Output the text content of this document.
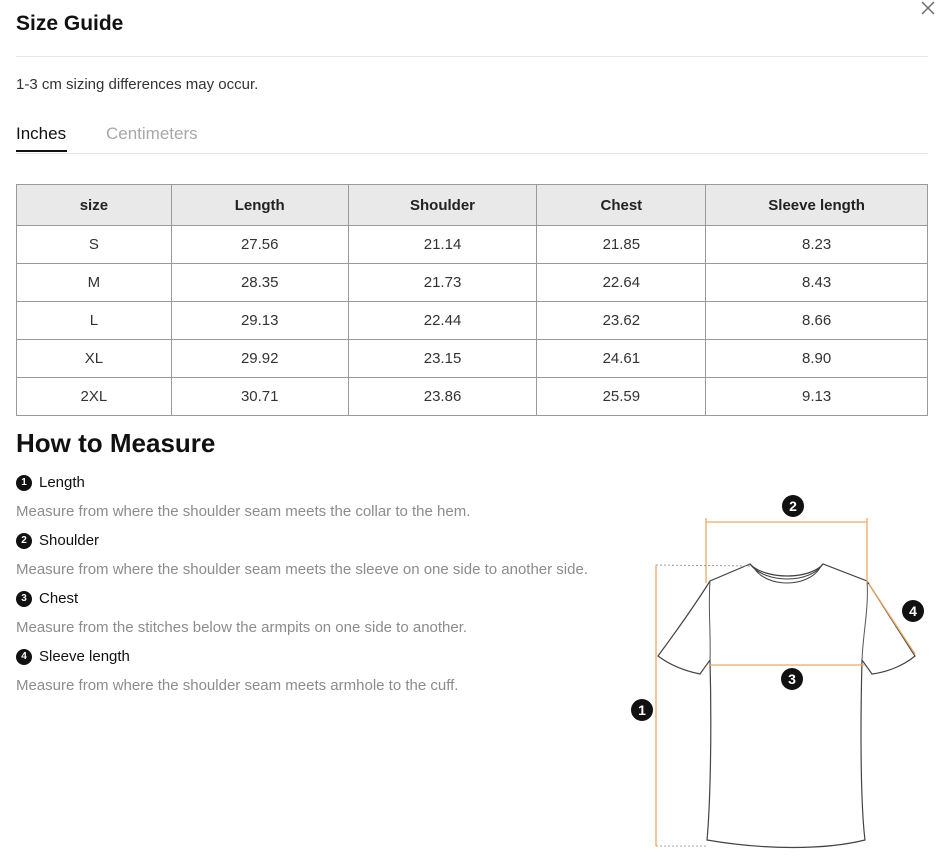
Size Guide

1-3 cm sizing differences may occur.

Inches Centimeters
size	Length	Shoulder	Chest	Sleeve length
S	27.56	21.14	21.85	8.23
M	28.35	21.73	22.64	8.43
L	29.13	22.44	23.62	8.66
XL	29.92	23.15	24.61	8.90
2XL	30.71	23.86	25.59	9.13
How to Measure
1 Length
Measure from where the shoulder seam meets the collar to the hem.
2 Shoulder
Measure from where the shoulder seam meets the sleeve on one side to another side.
3 Chest
Measure from the stitches below the armpits on one side to another.
4 Sleeve length
Measure from where the shoulder seam meets armhole to the cuff.
2
4
3
1
